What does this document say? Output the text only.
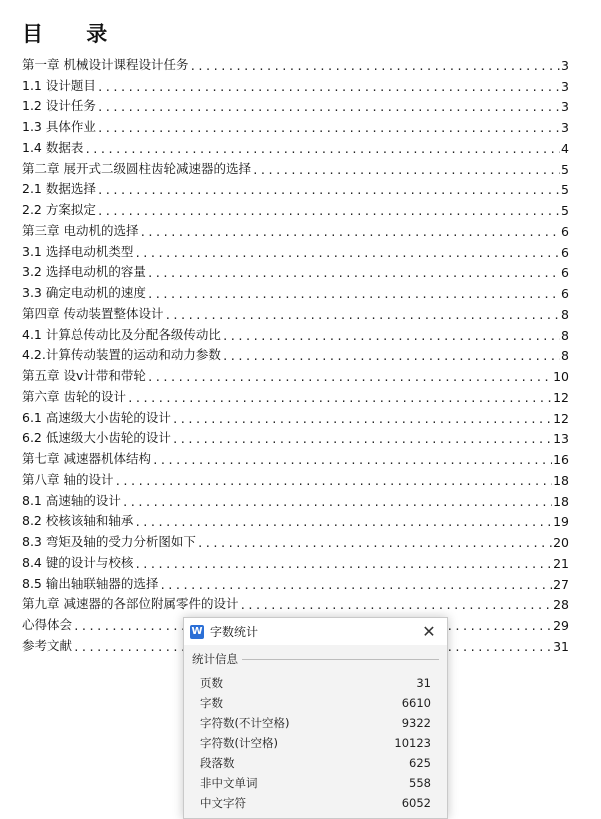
目 录
第一章 机械设计课程设计任务 .....	3
1.1 设计题目 .....	3
1.2 设计任务 .....	3
1.3 具体作业 .....	3
1.4 数据表 .....	4
第二章 展开式二级圆柱齿轮减速器的选择 .....	5
2.1 数据选择 .....	5
2.2 方案拟定 .....	5
第三章 电动机的选择 .....	6
3.1 选择电动机类型 .....	6
3.2 选择电动机的容量 .....	6
3.3 确定电动机的速度 .....	6
第四章 传动装置整体设计 .....	8
4.1 计算总传动比及分配各级传动比 .....	8
4.2.计算传动装置的运动和动力参数 .....	8
第五章 设ⅴ计带和带轮 .....	10
第六章 齿轮的设计 .....	12
6.1 高速级大小齿轮的设计 .....	12
6.2 低速级大小齿轮的设计 .....	13
第七章 减速器机体结构 .....	16
第八章 轴的设计 .....	18
8.1 高速轴的设计 .....	18
8.2 校核该轴和轴承 .....	19
8.3 弯矩及轴的受力分析图如下 .....	20
8.4 键的设计与校核 .....	21
8.5 输出轴联轴器的选择 .....	27
第九章 减速器的各部位附属零件的设计 .....	28
心得体会 .....	29
参考文献 .....	31
W 字数统计	✕
统计信息
页数	31
字数	6610
字符数(不计空格)	9322
字符数(计空格)	10123
段落数	625
非中文单词	558
中文字符	6052
